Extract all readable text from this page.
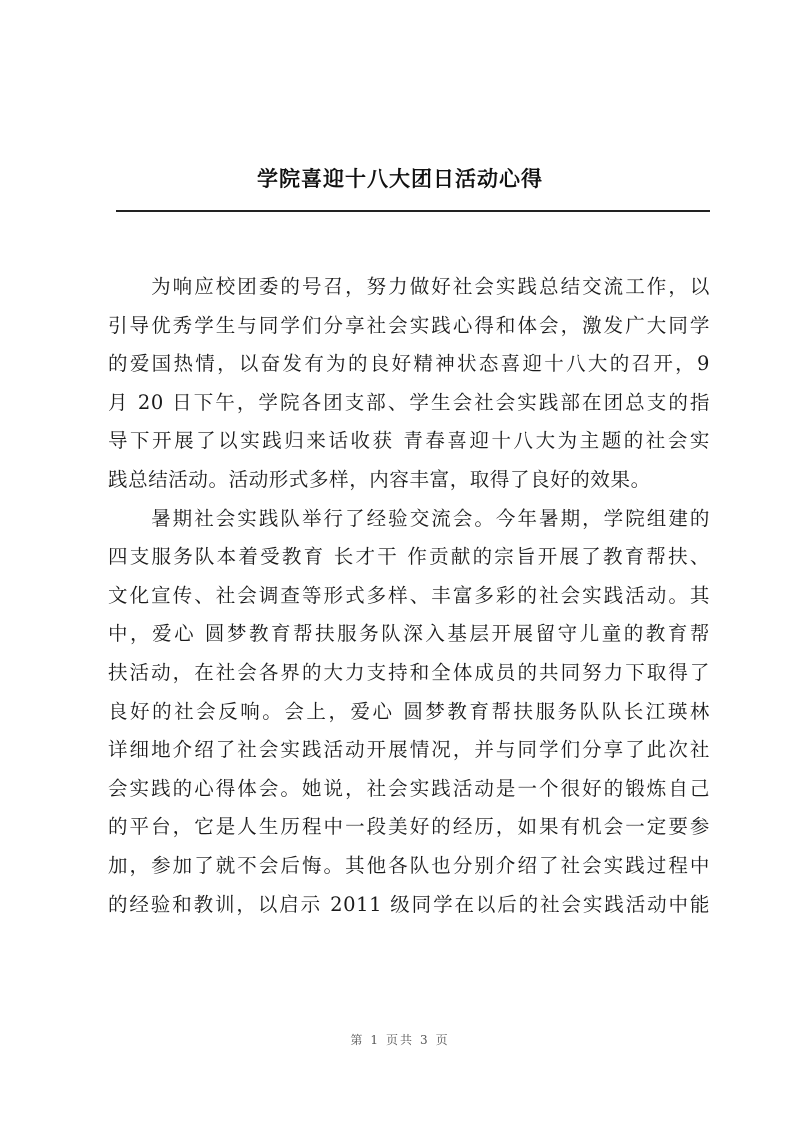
学院喜迎十八大团日活动心得
　　为响应校团委的号召，努力做好社会实践总结交流工作，以
引导优秀学生与同学们分享社会实践心得和体会，激发广大同学
的爱国热情，以奋发有为的良好精神状态喜迎十八大的召开，9
月 20 日下午，学院各团支部、学生会社会实践部在团总支的指
导下开展了以实践归来话收获 青春喜迎十八大为主题的社会实
践总结活动。活动形式多样，内容丰富，取得了良好的效果。
　　暑期社会实践队举行了经验交流会。今年暑期，学院组建的
四支服务队本着受教育 长才干 作贡献的宗旨开展了教育帮扶、
文化宣传、社会调查等形式多样、丰富多彩的社会实践活动。其
中，爱心 圆梦教育帮扶服务队深入基层开展留守儿童的教育帮
扶活动，在社会各界的大力支持和全体成员的共同努力下取得了
良好的社会反响。会上，爱心 圆梦教育帮扶服务队队长江瑛林
详细地介绍了社会实践活动开展情况，并与同学们分享了此次社
会实践的心得体会。她说，社会实践活动是一个很好的锻炼自己
的平台，它是人生历程中一段美好的经历，如果有机会一定要参
加，参加了就不会后悔。其他各队也分别介绍了社会实践过程中
的经验和教训，以启示 2011 级同学在以后的社会实践活动中能
第 1 页共 3 页
